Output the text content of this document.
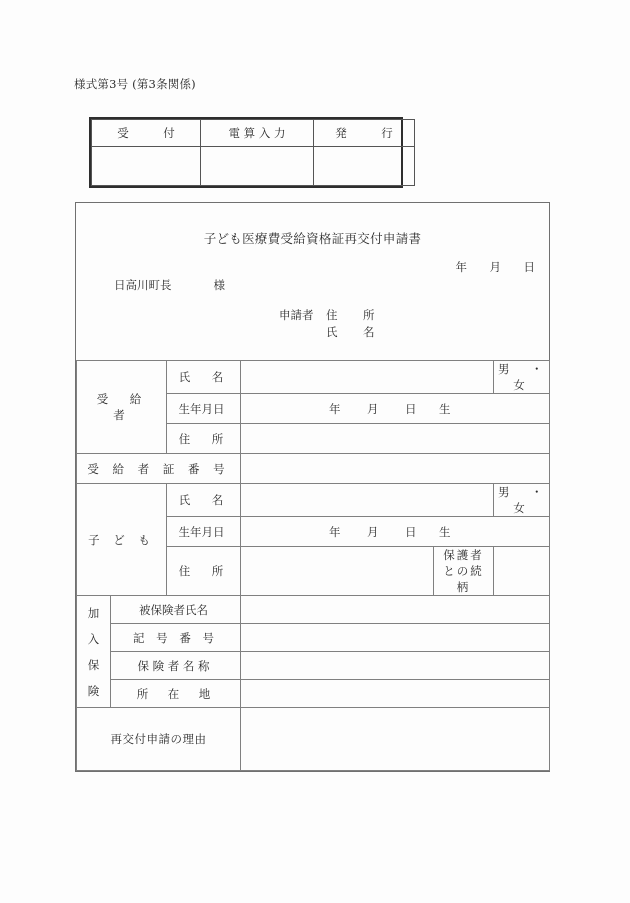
様式第3号 (第3条関係)
受　　　付	電 算 入 力	発　　　行

子ども医療費受給資格証再交付申請書
年 月 日
日高川町長	様
申請者 住　所
氏　名
受　給　者		氏　名			男　・　女
		生年月日	年 月 日 生		

		住　所			
受 給 者 証 番 号					
子 ど も		氏　名			男　・　女
		生年月日	年 月 日 生		

		住　所		保護者との続柄	

加
入
保
険	被保険者氏名				
	記 号 番 号				
	保 険 者 名 称				
	所　在　地				
再交付申請の理由					
